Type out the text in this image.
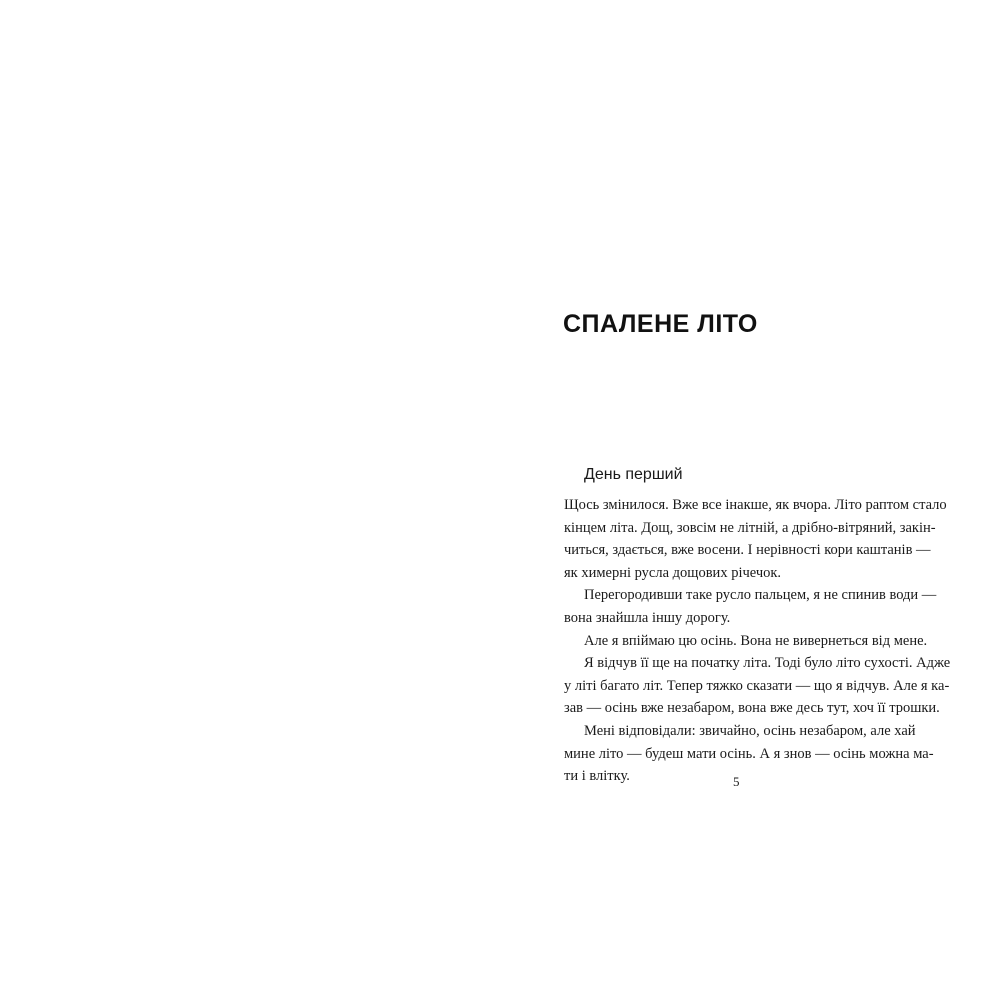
СПАЛЕНЕ ЛІТО
День перший
Щось змінилося. Вже все інакше, як вчора. Літо раптом стало
кінцем літа. Дощ, зовсім не літній, а дрібно-вітряний, закін-
читься, здається, вже восени. І нерівності кори каштанів —
як химерні русла дощових річечок.
Перегородивши таке русло пальцем, я не спинив води —
вона знайшла іншу дорогу.
Але я впіймаю цю осінь. Вона не вивернеться від мене.
Я відчув її ще на початку літа. Тоді було літо сухості. Адже
у літі багато літ. Тепер тяжко сказати — що я відчув. Але я ка-
зав — осінь вже незабаром, вона вже десь тут, хоч її трошки.
Мені відповідали: звичайно, осінь незабаром, але хай
мине літо — будеш мати осінь. А я знов — осінь можна ма-
ти і влітку.	5
